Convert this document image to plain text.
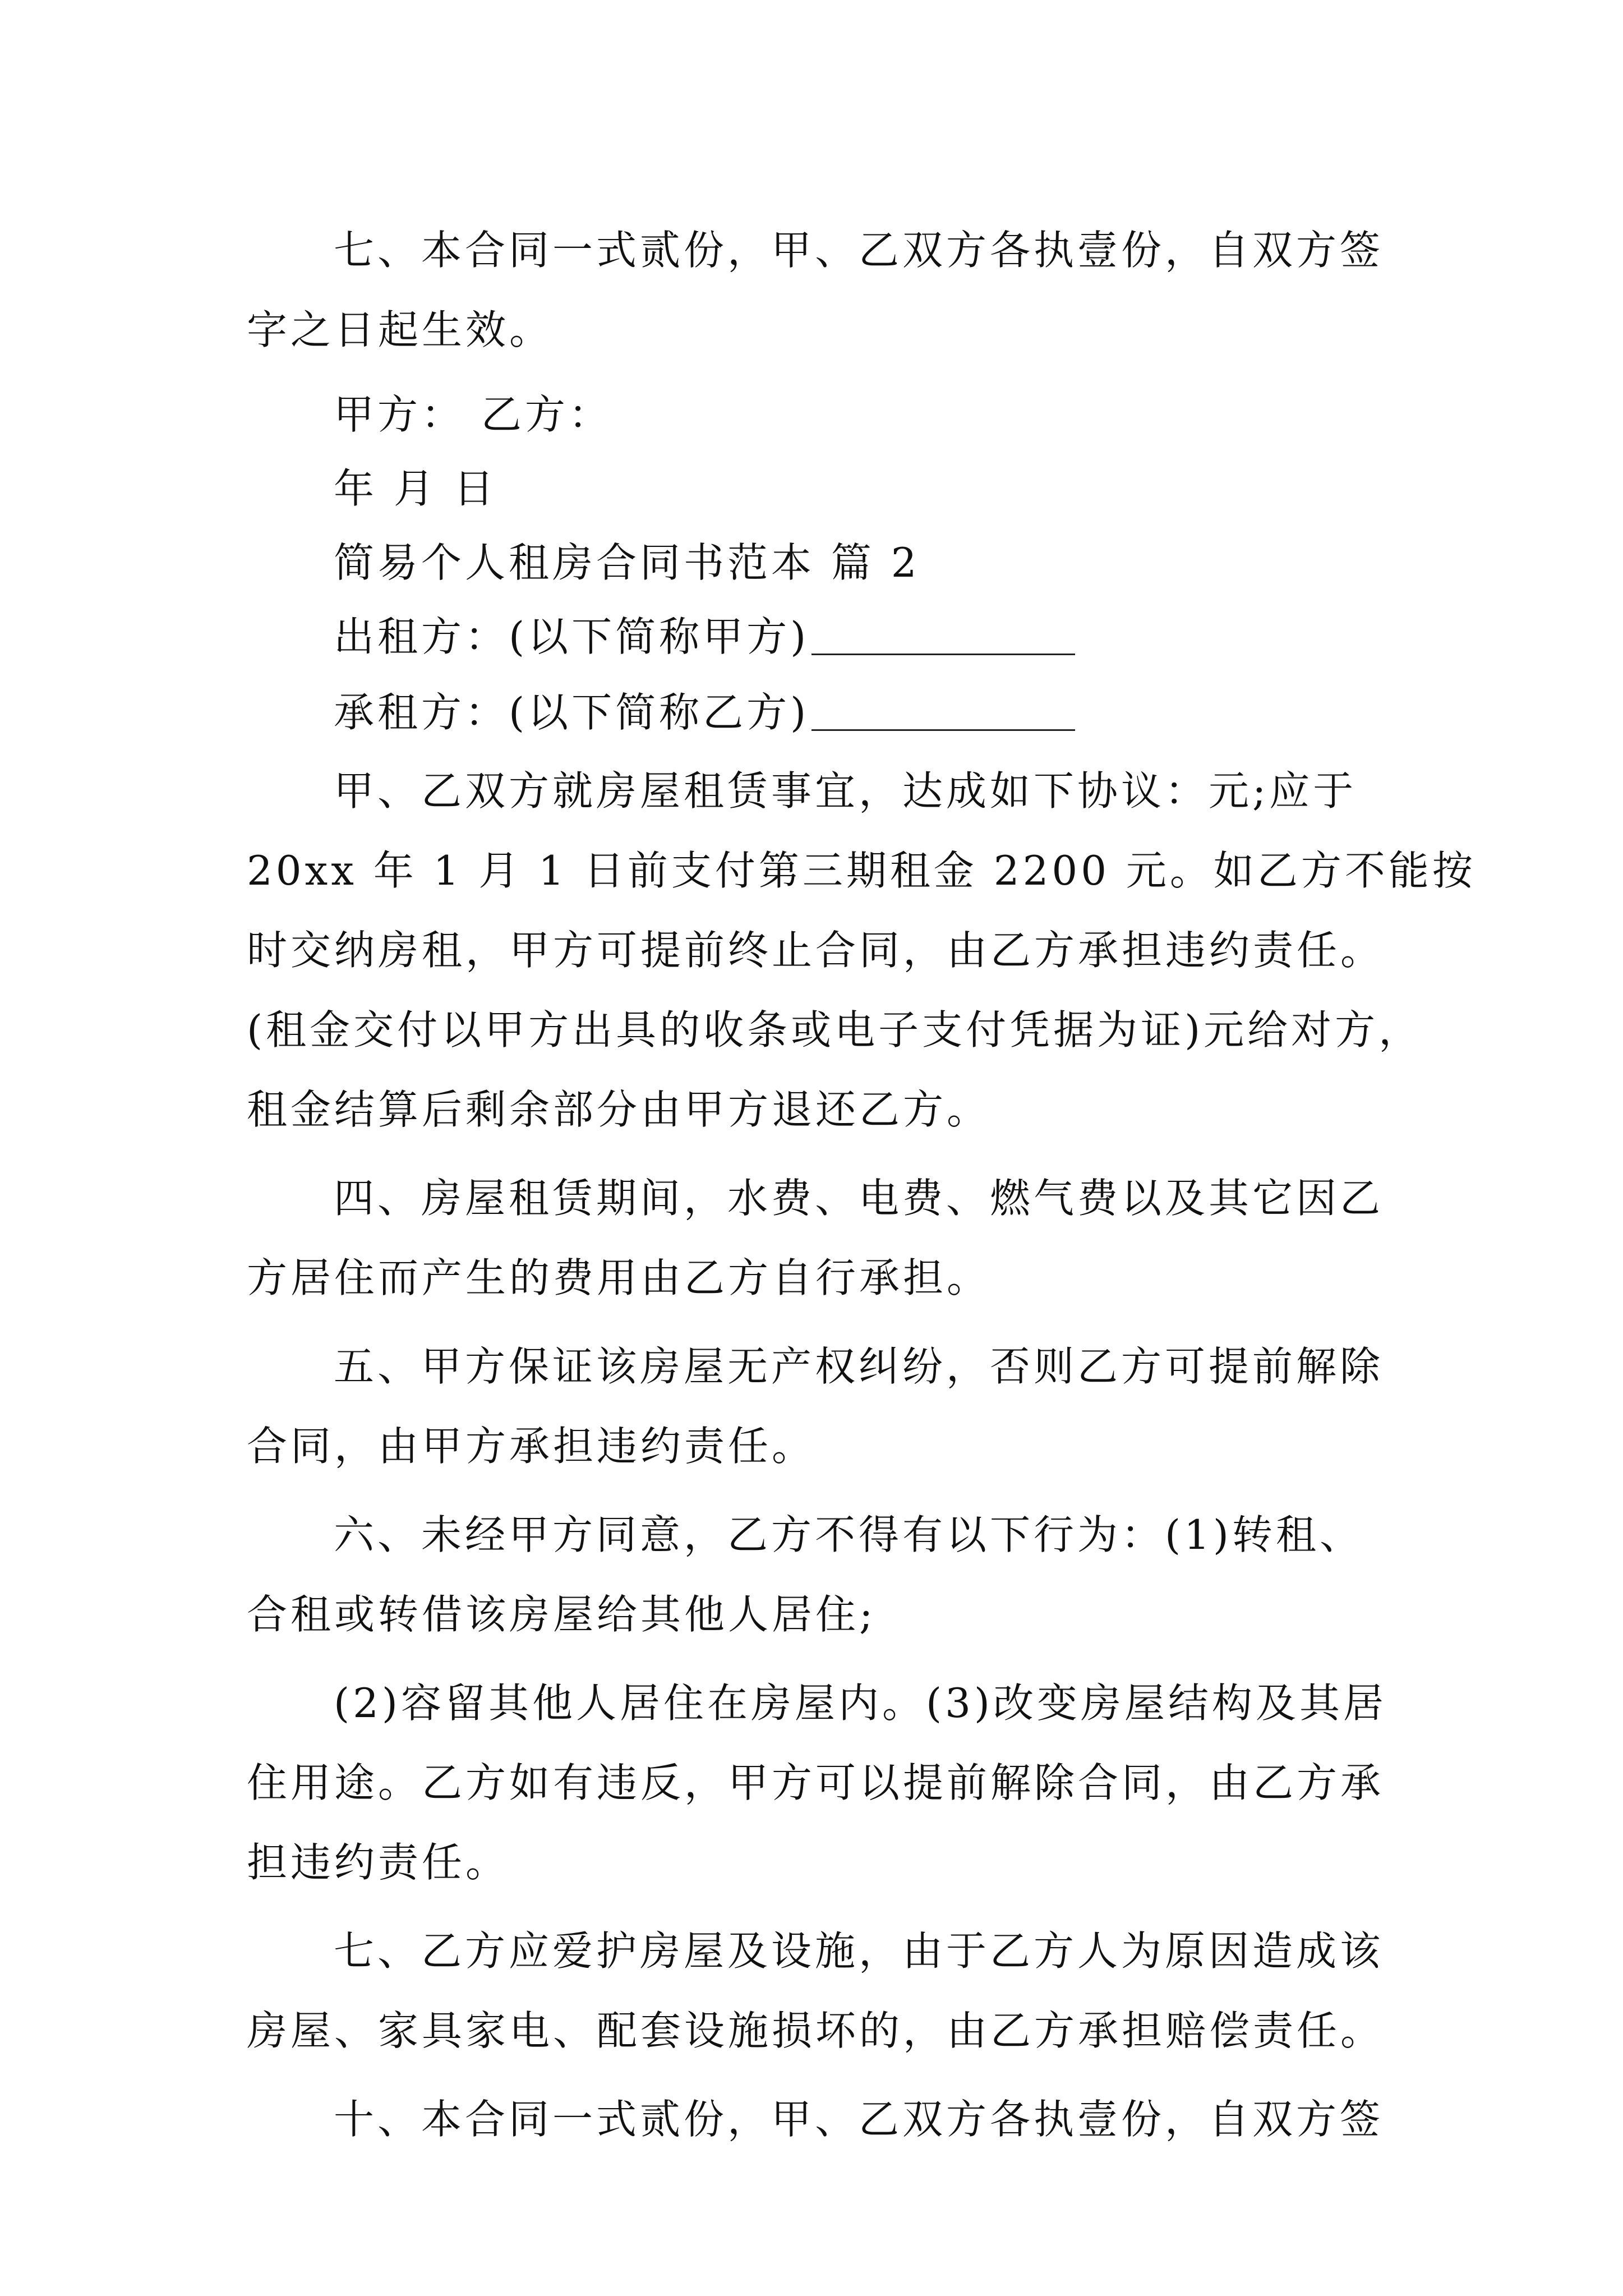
七、本合同一式贰份，甲、乙双方各执壹份，自双方签

字之日起生效。

甲方： 乙方：

年 月 日

简易个人租房合同书范本 篇 2

出租方：(以下简称甲方)

承租方：(以下简称乙方)

甲、乙双方就房屋租赁事宜，达成如下协议：元;应于

20xx 年 1 月 1 日前支付第三期租金 2200 元。如乙方不能按

时交纳房租，甲方可提前终止合同，由乙方承担违约责任。

(租金交付以甲方出具的收条或电子支付凭据为证)元给对方，

租金结算后剩余部分由甲方退还乙方。

四、房屋租赁期间，水费、电费、燃气费以及其它因乙

方居住而产生的费用由乙方自行承担。

五、甲方保证该房屋无产权纠纷，否则乙方可提前解除

合同，由甲方承担违约责任。

六、未经甲方同意，乙方不得有以下行为：(1)转租、

合租或转借该房屋给其他人居住;

(2)容留其他人居住在房屋内。(3)改变房屋结构及其居

住用途。乙方如有违反，甲方可以提前解除合同，由乙方承

担违约责任。

七、乙方应爱护房屋及设施，由于乙方人为原因造成该

房屋、家具家电、配套设施损坏的，由乙方承担赔偿责任。

十、本合同一式贰份，甲、乙双方各执壹份，自双方签
